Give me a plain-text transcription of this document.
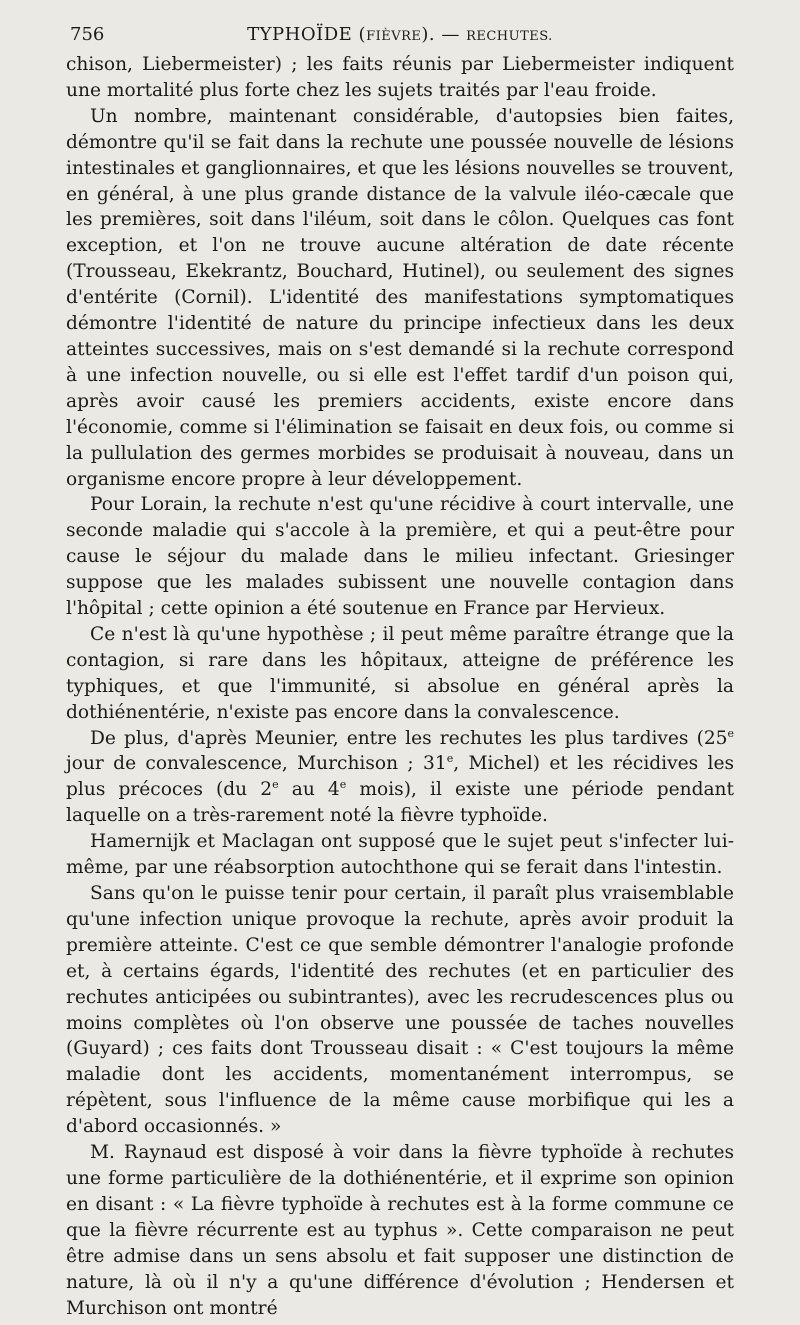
756	TYPHOÏDE (FIÈVRE). — RECHUTES.

chison, Liebermeister) ; les faits réunis par Liebermeister indiquent une mortalité plus forte chez les sujets traités par l'eau froide.

Un nombre, maintenant considérable, d'autopsies bien faites, démontre qu'il se fait dans la rechute une poussée nouvelle de lésions intestinales et ganglionnaires, et que les lésions nouvelles se trouvent, en général, à une plus grande distance de la valvule iléo-cæcale que les premières, soit dans l'iléum, soit dans le côlon. Quelques cas font exception, et l'on ne trouve aucune altération de date récente (Trousseau, Ekekrantz, Bouchard, Hutinel), ou seulement des signes d'entérite (Cornil). L'identité des manifestations symptomatiques démontre l'identité de nature du principe infectieux dans les deux atteintes successives, mais on s'est demandé si la rechute correspond à une infection nouvelle, ou si elle est l'effet tardif d'un poison qui, après avoir causé les premiers accidents, existe encore dans l'économie, comme si l'élimination se faisait en deux fois, ou comme si la pullulation des germes morbides se produisait à nouveau, dans un organisme encore propre à leur développement.

Pour Lorain, la rechute n'est qu'une récidive à court intervalle, une seconde maladie qui s'accole à la première, et qui a peut-être pour cause le séjour du malade dans le milieu infectant. Griesinger suppose que les malades subissent une nouvelle contagion dans l'hôpital ; cette opinion a été soutenue en France par Hervieux.

Ce n'est là qu'une hypothèse ; il peut même paraître étrange que la contagion, si rare dans les hôpitaux, atteigne de préférence les typhiques, et que l'immunité, si absolue en général après la dothiénentérie, n'existe pas encore dans la convalescence.

De plus, d'après Meunier, entre les rechutes les plus tardives (25e jour de convalescence, Murchison ; 31e, Michel) et les récidives les plus précoces (du 2e au 4e mois), il existe une période pendant laquelle on a très-rarement noté la fièvre typhoïde.

Hamernijk et Maclagan ont supposé que le sujet peut s'infecter lui-même, par une réabsorption autochthone qui se ferait dans l'intestin.

Sans qu'on le puisse tenir pour certain, il paraît plus vraisemblable qu'une infection unique provoque la rechute, après avoir produit la première atteinte. C'est ce que semble démontrer l'analogie profonde et, à certains égards, l'identité des rechutes (et en particulier des rechutes anticipées ou subintrantes), avec les recrudescences plus ou moins complètes où l'on observe une poussée de taches nouvelles (Guyard) ; ces faits dont Trousseau disait : « C'est toujours la même maladie dont les accidents, momentanément interrompus, se répètent, sous l'influence de la même cause morbifique qui les a d'abord occasionnés. »

M. Raynaud est disposé à voir dans la fièvre typhoïde à rechutes une forme particulière de la dothiénentérie, et il exprime son opinion en disant : « La fièvre typhoïde à rechutes est à la forme commune ce que la fièvre récurrente est au typhus ». Cette comparaison ne peut être admise dans un sens absolu et fait supposer une distinction de nature, là où il n'y a qu'une différence d'évolution ; Hendersen et Murchison ont montré
